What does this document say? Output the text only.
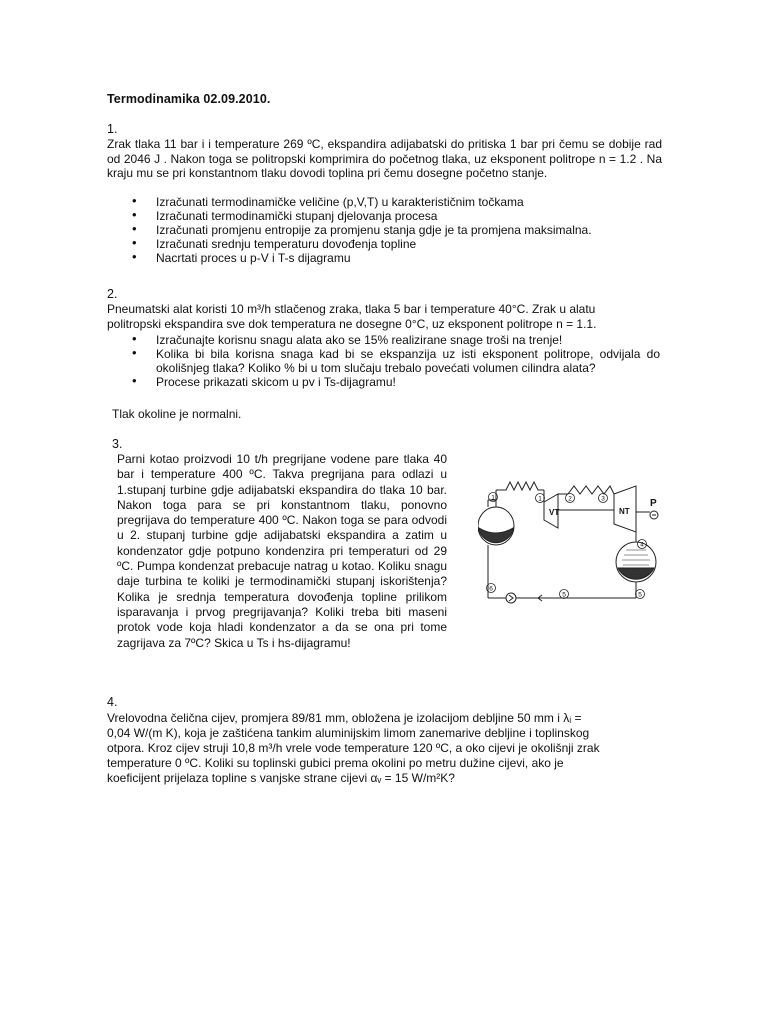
Termodinamika 02.09.2010.
1.
Zrak tlaka 11 bar i i temperature 269 ºC, ekspandira adijabatski do pritiska 1 bar pri čemu se dobije rad od 2046 J . Nakon toga se politropski komprimira do početnog tlaka, uz eksponent politrope n = 1.2 . Na kraju mu se pri konstantnom tlaku dovodi toplina pri čemu dosegne početno stanje.
• Izračunati termodinamičke veličine (p,V,T) u karakterističnim točkama
• Izračunati termodinamički stupanj djelovanja procesa
• Izračunati promjenu entropije za promjenu stanja gdje je ta promjena maksimalna.
• Izračunati srednju temperaturu dovođenja topline
• Nacrtati proces u p-V i T-s dijagramu
2.
Pneumatski alat koristi 10 m³/h stlačenog zraka, tlaka 5 bar i temperature 40°C. Zrak u alatu
politropski ekspandira sve dok temperatura ne dosegne 0°C, uz eksponent politrope n = 1.1.
• Izračunajte korisnu snagu alata ako se 15% realizirane snage troši na trenje!
• Kolika bi bila korisna snaga kad bi se ekspanzija uz isti eksponent politrope, odvijala do okolišnjeg tlaka? Koliko % bi u tom slučaju trebalo povećati volumen cilindra alata?
• Procese prikazati skicom u pv i Ts-dijagramu!
Tlak okoline je normalni.
3.
Parni kotao proizvodi 10 t/h pregrijane vodene pare tlaka 40 bar i temperature 400 ºC. Takva pregrijana para odlazi u 1.stupanj turbine gdje adijabatski ekspandira do tlaka 10 bar. Nakon toga para se pri konstantnom tlaku, ponovno pregrijava do temperature 400 ºC. Nakon toga se para odvodi u 2. stupanj turbine gdje adijabatski ekspandira a zatim u kondenzator gdje potpuno kondenzira pri temperaturi od 29 ºC. Pumpa kondenzat prebacuje natrag u kotao. Koliku snagu daje turbina te koliki je termodinamički stupanj iskorištenja? Kolika je srednja temperatura dovođenja topline prilikom isparavanja i prvog pregrijavanja? Koliki treba biti maseni protok vode koja hladi kondenzator a da se ona pri tome zagrijava za 7ºC? Skica u Ts i hs-dijagramu!
VT	NT
P
1	1	2	3
4
5
5
6
4.
Vrelovodna čelična cijev, promjera 89/81 mm, obložena je izolacijom debljine 50 mm i λᵢ =
0,04 W/(m K), koja je zaštićena tankim aluminijskim limom zanemarive debljine i toplinskog
otpora. Kroz cijev struji 10,8 m³/h vrele vode temperature 120 ºC, a oko cijevi je okolišnji zrak
temperature 0 ºC. Koliki su toplinski gubici prema okolini po metru dužine cijevi, ako je
koeficijent prijelaza topline s vanjske strane cijevi αᵥ = 15 W/m²K?
